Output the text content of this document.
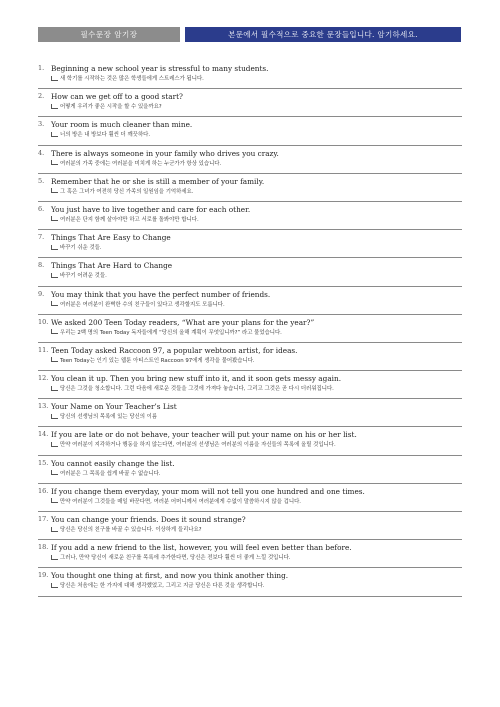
필수문장 암기장	본문에서 필수적으로 중요한 문장들입니다. 암기하세요.
1. Beginning a new school year is stressful to many students.
새 학기를 시작하는 것은 많은 학생들에게 스트레스가 됩니다.
2. How can we get off to a good start?
어떻게 우리가 좋은 시작을 할 수 있을까요?
3. Your room is much cleaner than mine.
너의 방은 내 방보다 훨씬 더 깨끗하다.
4. There is always someone in your family who drives you crazy.
여러분의 가족 중에는 여러분을 미치게 하는 누군가가 항상 있습니다.
5. Remember that he or she is still a member of your family.
그 혹은 그녀가 여전히 당신 가족의 일원임을 기억하세요.
6. You just have to live together and care for each other.
여러분은 단지 함께 살아야만 하고 서로를 돌봐야만 합니다.
7. Things That Are Easy to Change
바꾸기 쉬운 것들.
8. Things That Are Hard to Change
바꾸기 어려운 것들.
9. You may think that you have the perfect number of friends.
여러분은 여러분이 완벽한 수의 친구들이 있다고 생각할지도 모릅니다.
10. We asked 200 Teen Today readers, “What are your plans for the year?”
우리는 2백 명의 Teen Today 독자들에게 “당신의 올해 계획이 무엇입니까?” 라고 물었습니다.
11. Teen Today asked Raccoon 97, a popular webtoon artist, for ideas.
Teen Today는 인기 있는 웹툰 아티스트인 Raccoon 97에게 생각을 물어봤습니다.
12. You clean it up. Then you bring new stuff into it, and it soon gets messy again.
당신은 그것을 청소합니다. 그런 다음에 새로운 것들을 그것에 가져다 놓습니다, 그리고 그것은 곧 다시 더러워집니다.
13. Your Name on Your Teacher’s List
당신의 선생님의 목록에 있는 당신의 이름
14. If you are late or do not behave, your teacher will put your name on his or her list.
만약 여러분이 지각하거나 행동을 하지 않는다면, 여러분의 선생님은 여러분의 이름을 자신들의 목록에 올릴 것입니다.
15. You cannot easily change the list.
여러분은 그 목록을 쉽게 바꿀 수 없습니다.
16. If you change them everyday, your mom will not tell you one hundred and one times.
만약 여러분이 그것들을 매일 바꾼다면, 여러분 어머니께서 여러분에게 수없이 말씀하시지 않을 겁니다.
17. You can change your friends. Does it sound strange?
당신은 당신의 친구를 바꿀 수 있습니다. 이상하게 들리나요?
18. If you add a new friend to the list, however, you will feel even better than before.
그러나, 만약 당신이 새로운 친구를 목록에 추가한다면, 당신은 전보다 훨씬 더 좋게 느낄 것입니다.
19. You thought one thing at first, and now you think another thing.
당신은 처음에는 한 가지에 대해 생각했었고, 그리고 지금 당신은 다른 것을 생각합니다.
